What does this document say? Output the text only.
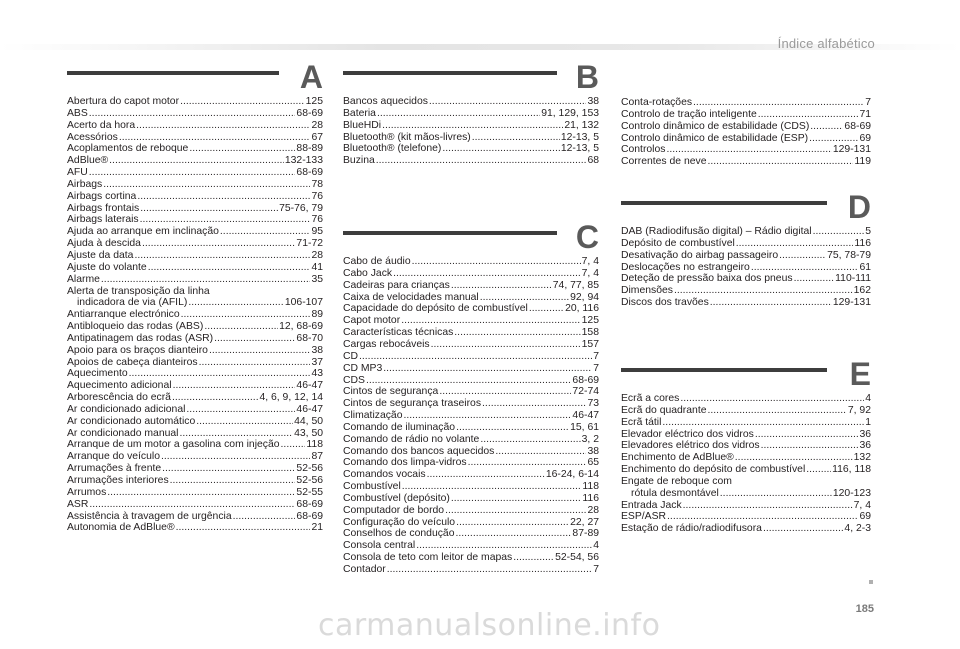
Índice alfabético
A
Abertura do capot motor .....	125
ABS .....	68-69
Acerto da hora .....	28
Acessórios .....	67
Acoplamentos de reboque .....	88-89
AdBlue® .....	132-133
AFU .....	68-69
Airbags .....	78
Airbags cortina .....	76
Airbags frontais .....	75-76, 79
Airbags laterais .....	76
Ajuda ao arranque em inclinação .....	95
Ajuda à descida .....	71-72
Ajuste da data .....	28
Ajuste do volante .....	41
Alarme .....	35
Alerta de transposição da linha
indicadora de via (AFIL) .....	106-107
Antiarranque electrónico .....	89
Antibloqueio das rodas (ABS) .....	12, 68-69
Antipatinagem das rodas (ASR) .....	68-70
Apoio para os braços dianteiro .....	38
Apoios de cabeça dianteiros .....	37
Aquecimento .....	43
Aquecimento adicional .....	46-47
Arborescência do ecrã .....	4, 6, 9, 12, 14
Ar condicionado adicional .....	46-47
Ar condicionado automático .....	44, 50
Ar condicionado manual .....	43, 50
Arranque de um motor a gasolina com injeção .....	118
Arranque do veículo .....	87
Arrumações à frente .....	52-56
Arrumações interiores .....	52-56
Arrumos .....	52-55
ASR .....	68-69
Assistência à travagem de urgência .....	68-69
Autonomia de AdBlue® .....	21
B
Bancos aquecidos .....	38
Bateria .....	91, 129, 153
BlueHDi .....	21, 132
Bluetooth® (kit mãos-livres) .....	12-13, 5
Bluetooth® (telefone) .....	12-13, 5
Buzina .....	68
C
Cabo de áudio .....	7, 4
Cabo Jack .....	7, 4
Cadeiras para crianças .....	74, 77, 85
Caixa de velocidades manual .....	92, 94
Capacidade do depósito de combustível .....	20, 116
Capot motor .....	125
Características técnicas .....	158
Cargas rebocáveis .....	157
CD .....	7
CD MP3 .....	7
CDS .....	68-69
Cintos de segurança .....	72-74
Cintos de segurança traseiros .....	73
Climatização .....	46-47
Comando de iluminação .....	15, 61
Comando de rádio no volante .....	3, 2
Comando dos bancos aquecidos .....	38
Comando dos limpa-vidros .....	65
Comandos vocais .....	16-24, 6-14
Combustível .....	118
Combustível (depósito) .....	116
Computador de bordo .....	28
Configuração do veículo .....	22, 27
Conselhos de condução .....	87-89
Consola central .....	4
Consola de teto com leitor de mapas .....	52-54, 56
Contador .....	7
Conta-rotações .....	7
Controlo de tração inteligente .....	71
Controlo dinâmico de estabilidade (CDS) .....	68-69
Controlo dinâmico de estabilidade (ESP) .....	69
Controlos .....	129-131
Correntes de neve .....	119
D
DAB (Radiodifusão digital) – Rádio digital .....	5
Depósito de combustível .....	116
Desativação do airbag passageiro .....	75, 78-79
Deslocações no estrangeiro .....	61
Deteção de pressão baixa dos pneus .....	110-111
Dimensões .....	162
Discos dos travões .....	129-131
E
Ecrã a cores .....	4
Ecrã do quadrante .....	7, 92
Ecrã tátil .....	1
Elevador eléctrico dos vidros .....	36
Elevadores elétrico dos vidros .....	36
Enchimento de AdBlue® .....	132
Enchimento do depósito de combustível .....	116, 118
Engate de reboque com
rótula desmontável .....	120-123
Entrada Jack .....	7, 4
ESP/ASR .....	69
Estação de rádio/radiodifusora .....	4, 2-3
185
carmanualsonline.info
